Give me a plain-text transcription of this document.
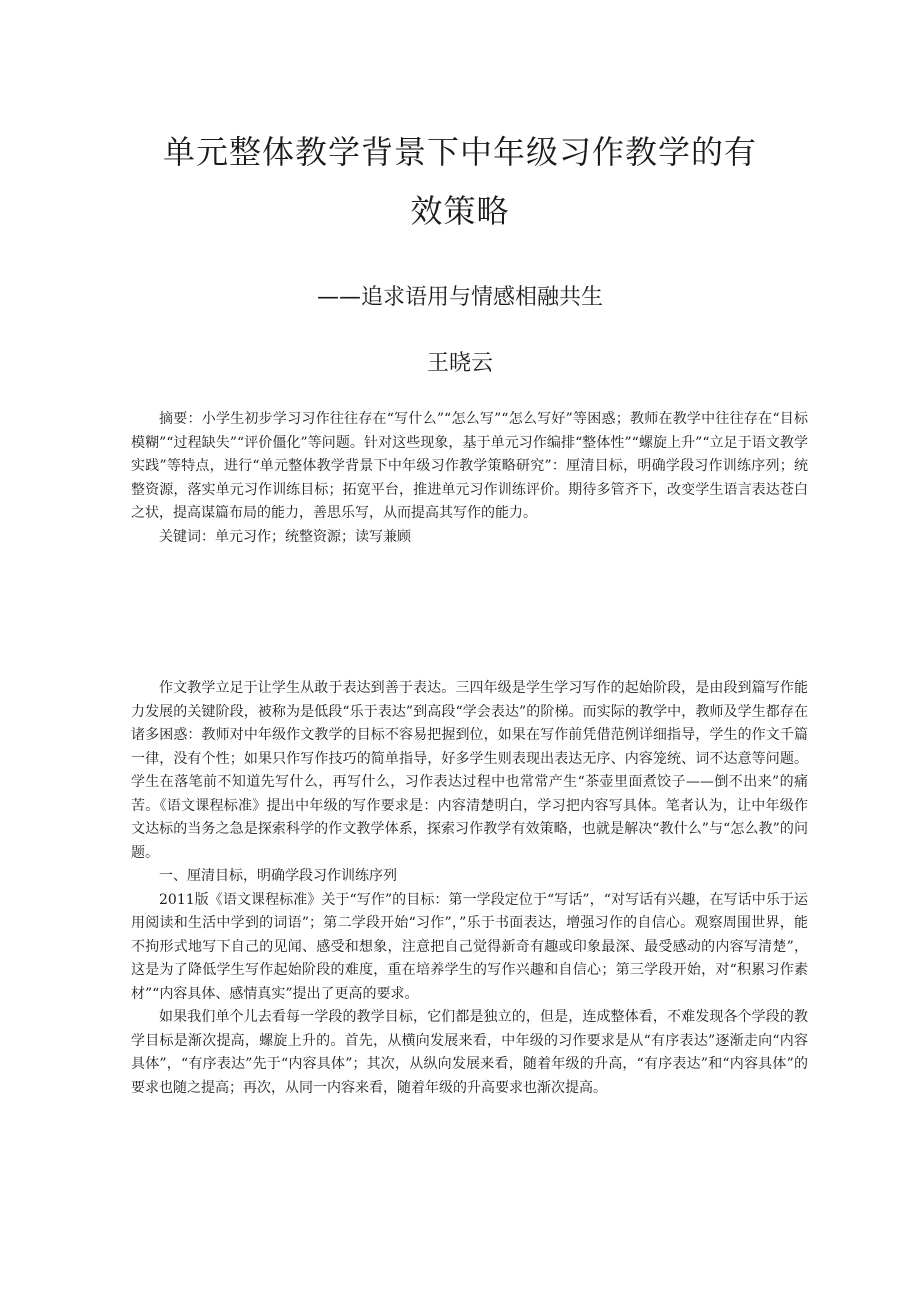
单元整体教学背景下中年级习作教学的有
效策略
——追求语用与情感相融共生
王晓云

摘要：小学生初步学习习作往往存在“写什么”“怎么写”“怎么写好”等困惑；教师在教学中往往存在“目标模糊”“过程缺失”“评价僵化”等问题。针对这些现象，基于单元习作编排“整体性”“螺旋上升”“立足于语文教学实践”等特点，进行“单元整体教学背景下中年级习作教学策略研究”：厘清目标，明确学段习作训练序列；统整资源，落实单元习作训练目标；拓宽平台，推进单元习作训练评价。期待多管齐下，改变学生语言表达苍白之状，提高谋篇布局的能力，善思乐写，从而提高其写作的能力。

关键词：单元习作；统整资源；读写兼顾

作文教学立足于让学生从敢于表达到善于表达。三四年级是学生学习写作的起始阶段，是由段到篇写作能力发展的关键阶段，被称为是低段“乐于表达”到高段“学会表达”的阶梯。而实际的教学中，教师及学生都存在诸多困惑：教师对中年级作文教学的目标不容易把握到位，如果在写作前凭借范例详细指导，学生的作文千篇一律，没有个性；如果只作写作技巧的简单指导，好多学生则表现出表达无序、内容笼统、词不达意等问题。学生在落笔前不知道先写什么，再写什么，习作表达过程中也常常产生“茶壶里面煮饺子——倒不出来”的痛苦。《语文课程标准》提出中年级的写作要求是：内容清楚明白，学习把内容写具体。笔者认为，让中年级作文达标的当务之急是探索科学的作文教学体系，探索习作教学有效策略，也就是解决“教什么”与“怎么教”的问题。

一、厘清目标，明确学段习作训练序列

2011版《语文课程标准》关于“写作”的目标：第一学段定位于“写话”，“对写话有兴趣，在写话中乐于运用阅读和生活中学到的词语”；第二学段开始“习作”，”乐于书面表达，增强习作的自信心。观察周围世界，能不拘形式地写下自己的见闻、感受和想象，注意把自己觉得新奇有趣或印象最深、最受感动的内容写清楚”，这是为了降低学生写作起始阶段的难度，重在培养学生的写作兴趣和自信心；第三学段开始，对“积累习作素材”“内容具体、感情真实”提出了更高的要求。

如果我们单个儿去看每一学段的教学目标，它们都是独立的，但是，连成整体看，不难发现各个学段的教学目标是渐次提高，螺旋上升的。首先，从横向发展来看，中年级的习作要求是从“有序表达”逐渐走向“内容具体”，“有序表达”先于“内容具体”；其次，从纵向发展来看，随着年级的升高，“有序表达”和“内容具体”的要求也随之提高；再次，从同一内容来看，随着年级的升高要求也渐次提高。
